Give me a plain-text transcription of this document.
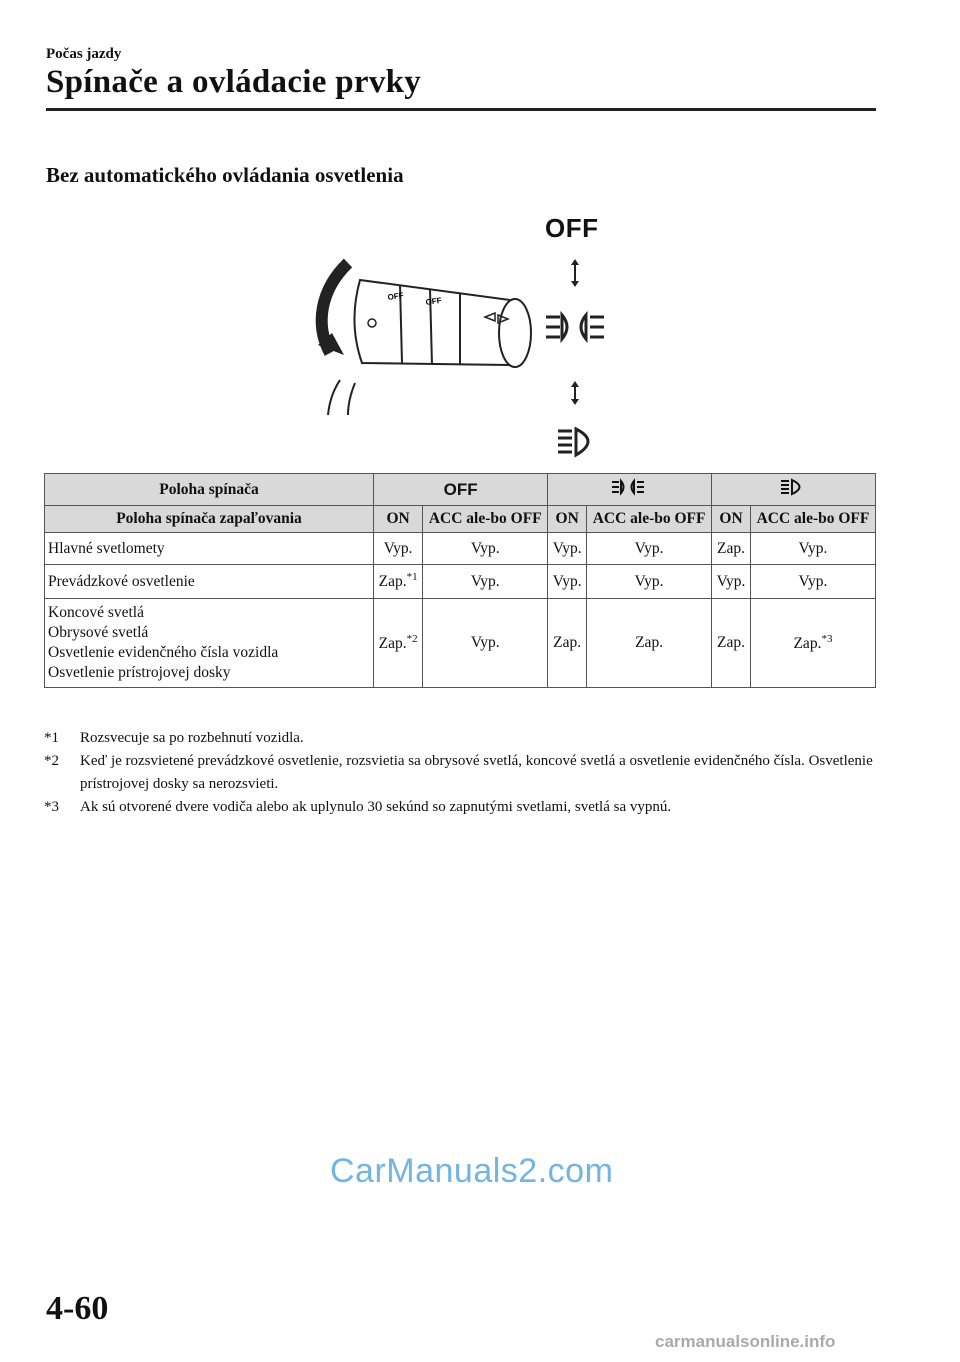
Počas jazdy
Spínače a ovládacie prvky
Bez automatického ovládania osvetlenia
OFF	OFF
OFF
Poloha spínača	OFF		
Poloha spínača zapaľovania	ON	ACC ale-bo OFF	ON	ACC ale-bo OFF	ON	ACC ale-bo OFF
Hlavné svetlomety	Vyp.	Vyp.	Vyp.	Vyp.	Zap.	Vyp.
Prevádzkové osvetlenie	Zap.$^{*1}$	Vyp.	Vyp.	Vyp.	Vyp.	Vyp.

Koncové svetlá
Obrysové svetlá
Osvetlenie evidenčného čísla vozidla
Osvetlenie prístrojovej dosky	Zap.$^{*2}$	Vyp.	Zap.	Zap.	Zap.	Zap.$^{*3}$
*1	Rozsvecuje sa po rozbehnutí vozidla.
*2	Keď je rozsvietené prevádzkové osvetlenie, rozsvietia sa obrysové svetlá, koncové svetlá a osvetlenie evidenčného čísla. Osvetlenie prístrojovej dosky sa nerozsvieti.
*3	Ak sú otvorené dvere vodiča alebo ak uplynulo 30 sekúnd so zapnutými svetlami, svetlá sa vypnú.
CarManuals2.com
4-60
carmanualsonline.info
